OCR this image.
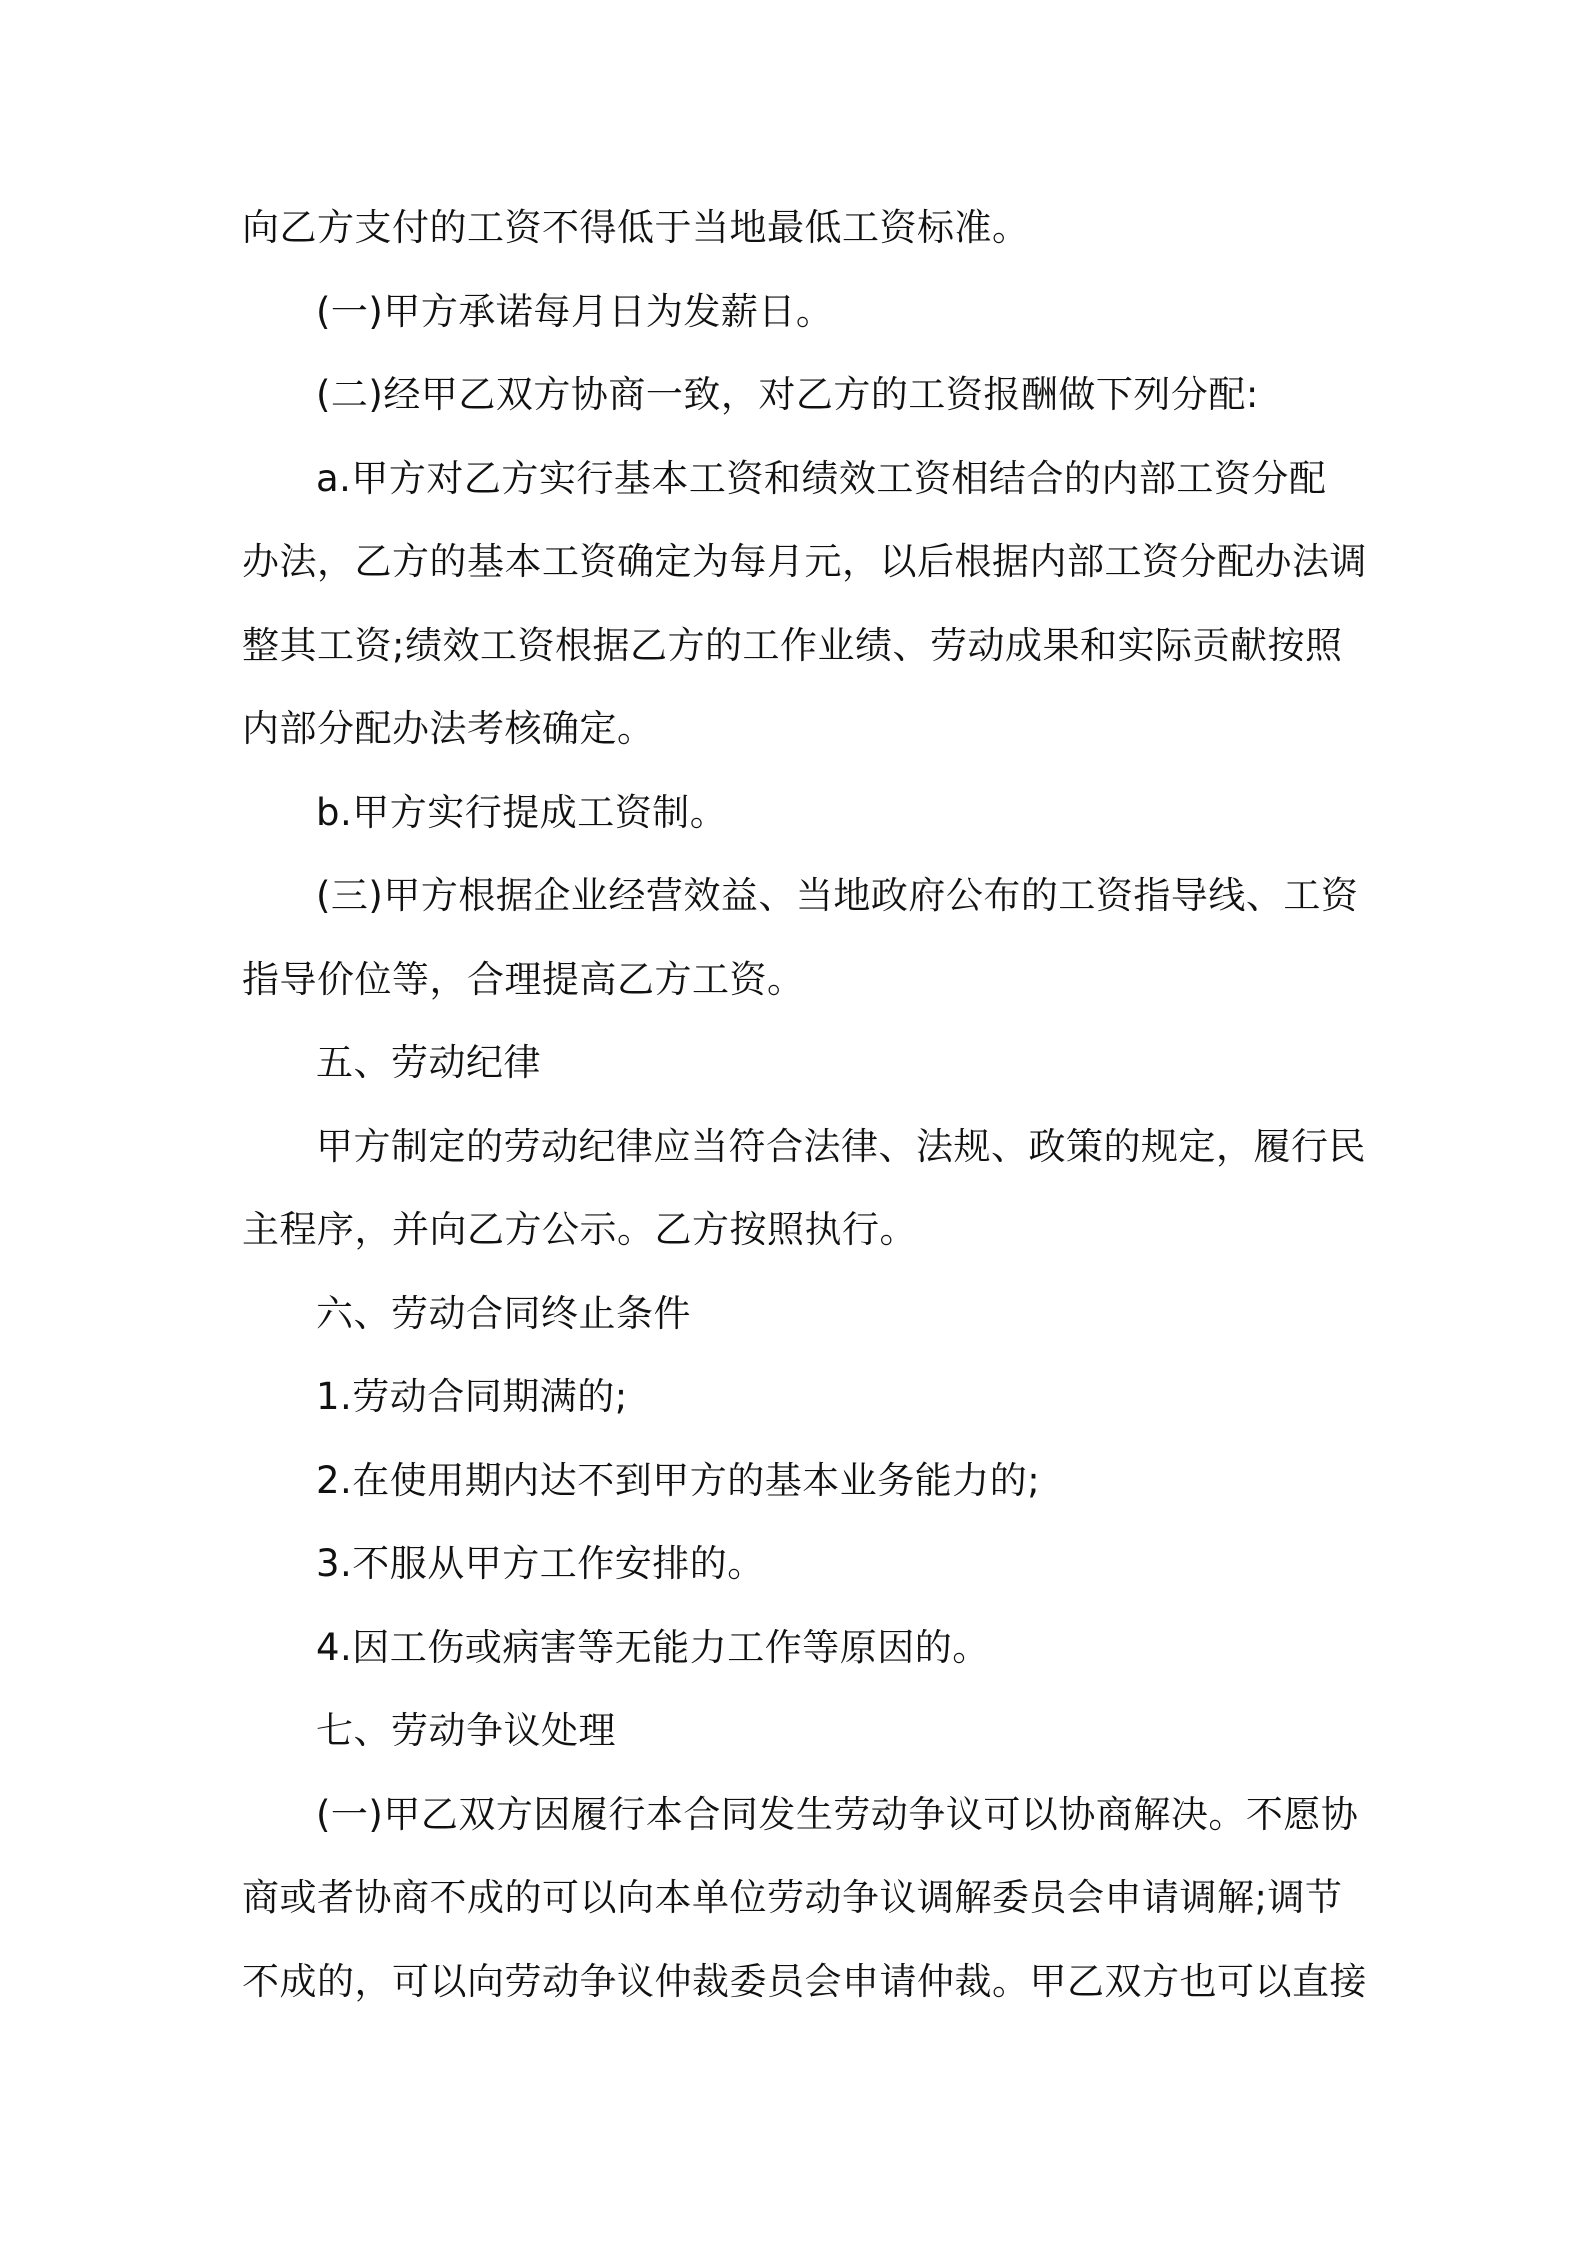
向乙方支付的工资不得低于当地最低工资标准。
(一)甲方承诺每月日为发薪日。
(二)经甲乙双方协商一致，对乙方的工资报酬做下列分配:
a.甲方对乙方实行基本工资和绩效工资相结合的内部工资分配
办法，乙方的基本工资确定为每月元，以后根据内部工资分配办法调
整其工资;绩效工资根据乙方的工作业绩、劳动成果和实际贡献按照
内部分配办法考核确定。
b.甲方实行提成工资制。
(三)甲方根据企业经营效益、当地政府公布的工资指导线、工资
指导价位等，合理提高乙方工资。
五、劳动纪律
甲方制定的劳动纪律应当符合法律、法规、政策的规定，履行民
主程序，并向乙方公示。乙方按照执行。
六、劳动合同终止条件
1.劳动合同期满的;
2.在使用期内达不到甲方的基本业务能力的;
3.不服从甲方工作安排的。
4.因工伤或病害等无能力工作等原因的。
七、劳动争议处理
(一)甲乙双方因履行本合同发生劳动争议可以协商解决。不愿协
商或者协商不成的可以向本单位劳动争议调解委员会申请调解;调节
不成的，可以向劳动争议仲裁委员会申请仲裁。甲乙双方也可以直接
